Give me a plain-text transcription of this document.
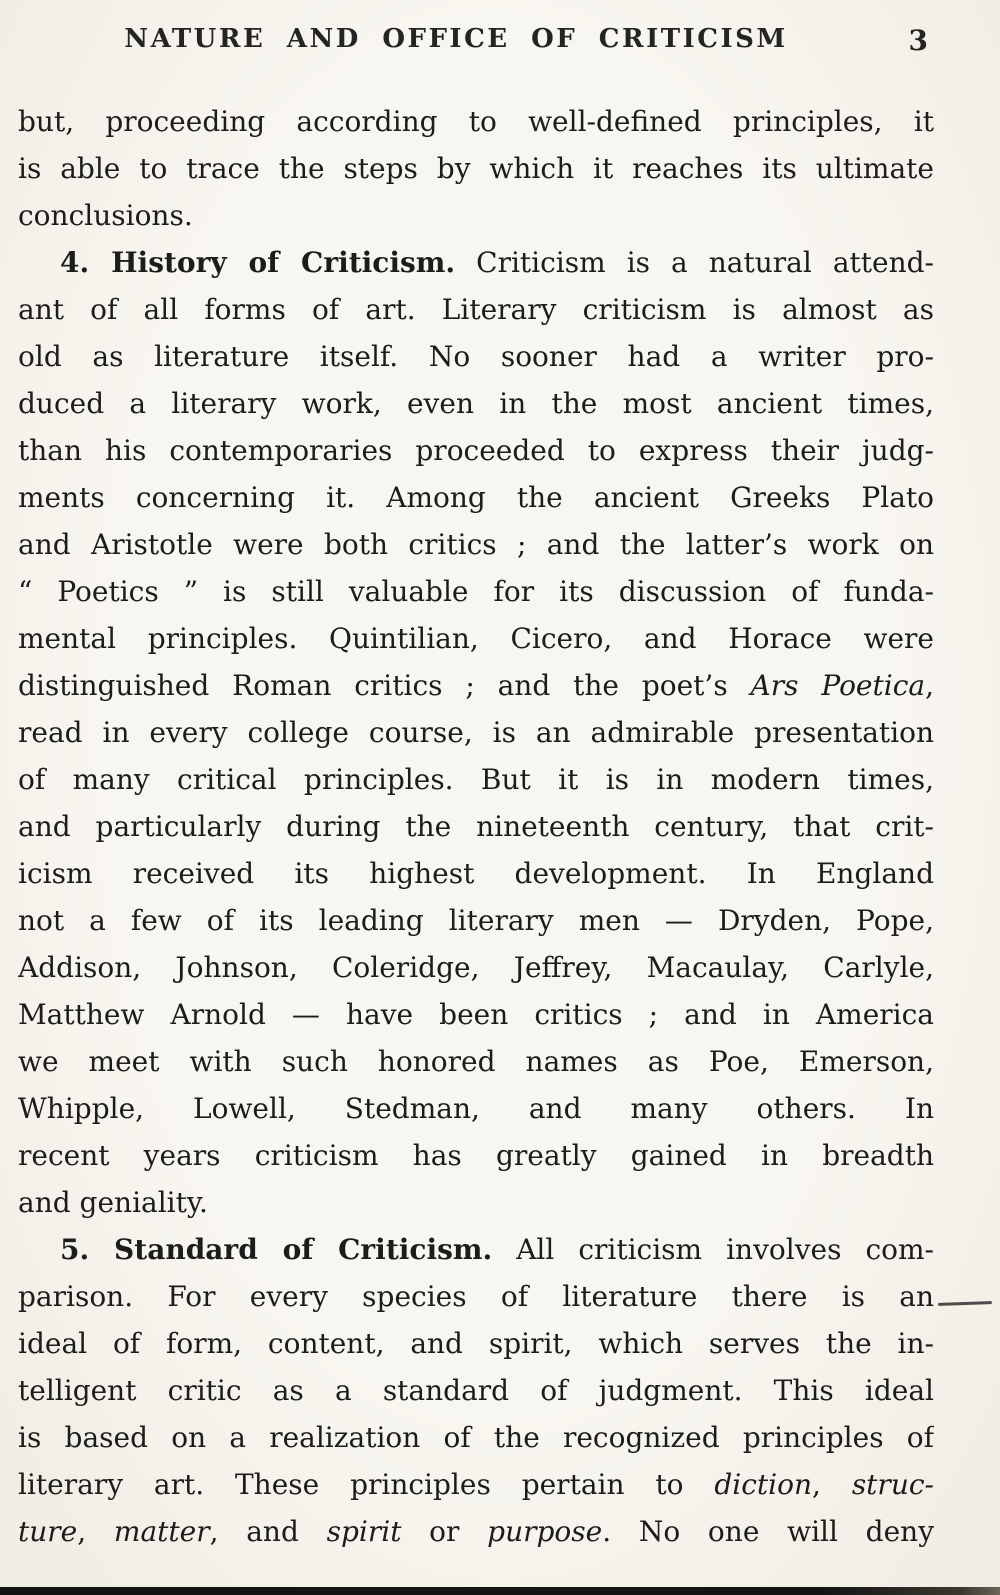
NATURE AND OFFICE OF CRITICISM	3
but, proceeding according to well-defined principles, it
is able to trace the steps by which it reaches its ultimate
conclusions.
4. History of Criticism. Criticism is a natural attend-
ant of all forms of art. Literary criticism is almost as
old as literature itself. No sooner had a writer pro-
duced a literary work, even in the most ancient times,
than his contemporaries proceeded to express their judg-
ments concerning it. Among the ancient Greeks Plato
and Aristotle were both critics ; and the latter’s work on
“ Poetics ” is still valuable for its discussion of funda-
mental principles. Quintilian, Cicero, and Horace were
distinguished Roman critics ; and the poet’s Ars Poetica,
read in every college course, is an admirable presentation
of many critical principles. But it is in modern times,
and particularly during the nineteenth century, that crit-
icism received its highest development. In England
not a few of its leading literary men — Dryden, Pope,
Addison, Johnson, Coleridge, Jeffrey, Macaulay, Carlyle,
Matthew Arnold — have been critics ; and in America
we meet with such honored names as Poe, Emerson,
Whipple, Lowell, Stedman, and many others. In
recent years criticism has greatly gained in breadth
and geniality.
5. Standard of Criticism. All criticism involves com-
parison. For every species of literature there is an
ideal of form, content, and spirit, which serves the in-
telligent critic as a standard of judgment. This ideal
is based on a realization of the recognized principles of
literary art. These principles pertain to diction, struc-
ture, matter, and spirit or purpose. No one will deny
